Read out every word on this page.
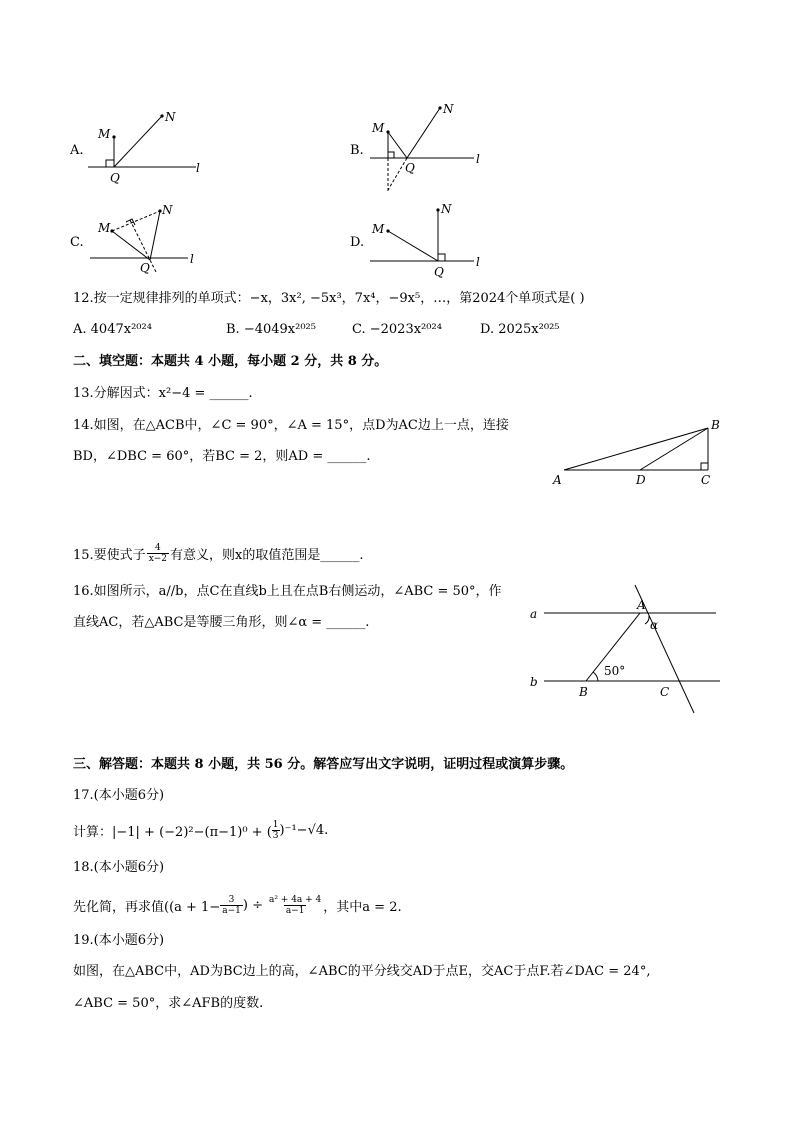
A.
M
N
Q
l
B.
M
N
Q
l
C.
M
N
Q
l
D.
M
N
Q
l
12.按一定规律排列的单项式：−x，3x², −5x³，7x⁴，−9x⁵，…，第2024个单项式是( )
A. 4047x²⁰²⁴	B. −4049x²⁰²⁵	C. −2023x²⁰²⁴	D. 2025x²⁰²⁵
二、填空题：本题共 4 小题，每小题 2 分，共 8 分。
13.分解因式：x²−4 = ______.
14.如图，在△ACB中，∠C = 90°，∠A = 15°，点D为AC边上一点，连接
BD，∠DBC = 60°，若BC = 2，则AD = ______.
A
B
C
D
15.要使式子 $\frac{4}{x-2}$ 有意义，则x的取值范围是______.
16.如图所示，a//b，点C在直线b上且在点B右侧运动，∠ABC = 50°，作
直线AC，若△ABC是等腰三角形，则∠α = ______.
a
b
A
B	C
α
50°
三、解答题：本题共 8 小题，共 56 分。解答应写出文字说明，证明过程或演算步骤。
17.(本小题6分)
计算：|−1| + (−2)²−(π−1)⁰ + ( $\frac{1}{3} )^{-1}-√4$.
18.(本小题6分)
先化简，再求值(($a + 1- \frac{3}{a-1}$ ) ÷ $\frac{\text{a² + 4a + 4}}{a-1}$ ，其中a = 2.
19.(本小题6分)
如图，在△ABC中，AD为BC边上的高，∠ABC的平分线交AD于点E，交AC于点F.若∠DAC = 24°,
∠ABC = 50°，求∠AFB的度数.
